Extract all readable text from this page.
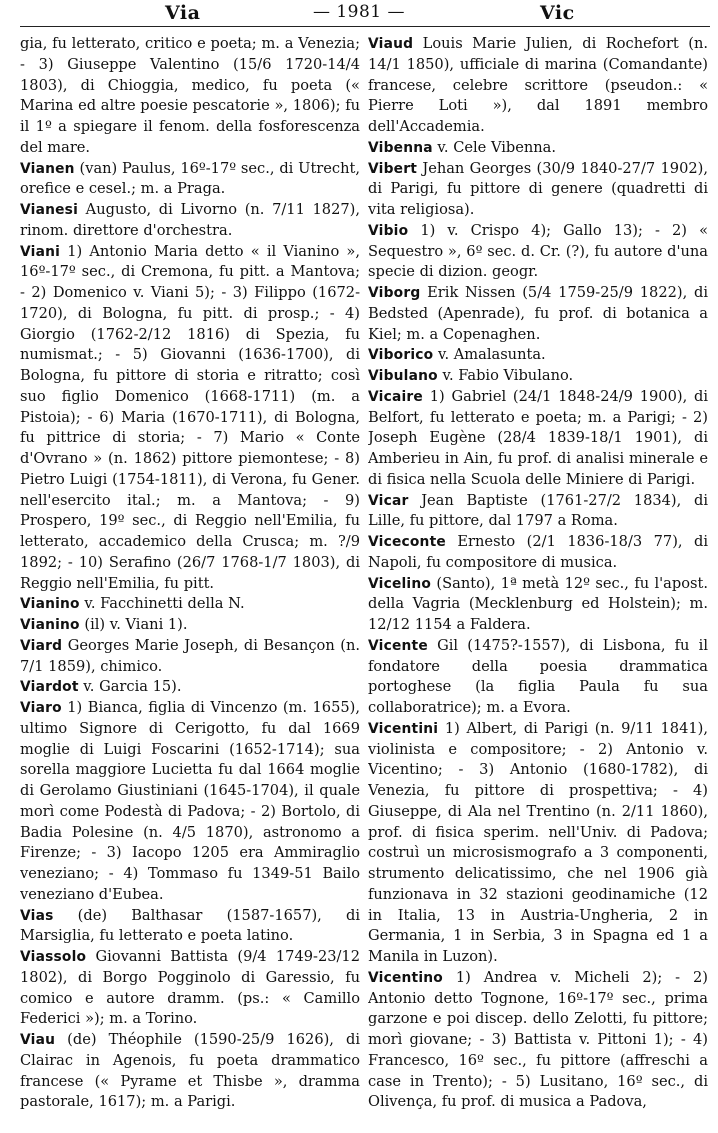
Via	— 1981 —	Vic

gia, fu letterato, critico e poeta; m. a Venezia; - 3) Giuseppe Valentino (15/6 1720-14/4 1803), di Chioggia, medico, fu poeta (« Marina ed altre poesie pescatorie », 1806); fu il 1º a spiegare il fenom. della fosforescenza del mare.

Vianen (van) Paulus, 16º-17º sec., di Utrecht, orefice e cesel.; m. a Praga.

Vianesi Augusto, di Livorno (n. 7/11 1827), rinom. direttore d'orchestra.

Viani 1) Antonio Maria detto « il Vianino », 16º-17º sec., di Cremona, fu pitt. a Mantova; - 2) Domenico v. Viani 5); - 3) Filippo (1672-1720), di Bologna, fu pitt. di prosp.; - 4) Giorgio (1762-2/12 1816) di Spezia, fu numismat.; - 5) Giovanni (1636-1700), di Bologna, fu pittore di storia e ritratto; così suo figlio Domenico (1668-1711) (m. a Pistoia); - 6) Maria (1670-1711), di Bologna, fu pittrice di storia; - 7) Mario « Conte d'Ovrano » (n. 1862) pittore piemontese; - 8) Pietro Luigi (1754-1811), di Verona, fu Gener. nell'esercito ital.; m. a Mantova; - 9) Prospero, 19º sec., di Reggio nell'Emilia, fu letterato, accademico della Crusca; m. ?/9 1892; - 10) Serafino (26/7 1768-1/7 1803), di Reggio nell'Emilia, fu pitt.

Vianino v. Facchinetti della N.

Vianino (il) v. Viani 1).

Viard Georges Marie Joseph, di Besançon (n. 7/1 1859), chimico.

Viardot v. Garcia 15).

Viaro 1) Bianca, figlia di Vincenzo (m. 1655), ultimo Signore di Cerigotto, fu dal 1669 moglie di Luigi Foscarini (1652-1714); sua sorella maggiore Lucietta fu dal 1664 moglie di Gerolamo Giustiniani (1645-1704), il quale morì come Podestà di Padova; - 2) Bortolo, di Badia Polesine (n. 4/5 1870), astronomo a Firenze; - 3) Iacopo 1205 era Ammiraglio veneziano; - 4) Tommaso fu 1349-51 Bailo veneziano d'Eubea.

Vias (de) Balthasar (1587-1657), di Marsiglia, fu letterato e poeta latino.

Viassolo Giovanni Battista (9/4 1749-23/12 1802), di Borgo Pogginolo di Garessio, fu comico e autore dramm. (ps.: « Camillo Federici »); m. a Torino.

Viau (de) Théophile (1590-25/9 1626), di Clairac in Agenois, fu poeta drammatico francese (« Pyrame et Thisbe », dramma pastorale, 1617); m. a Parigi.

Viaud Louis Marie Julien, di Rochefort (n. 14/1 1850), ufficiale di marina (Comandante) francese, celebre scrittore (pseudon.: « Pierre Loti »), dal 1891 membro dell'Accademia.

Vibenna v. Cele Vibenna.

Vibert Jehan Georges (30/9 1840-27/7 1902), di Parigi, fu pittore di genere (quadretti di vita religiosa).

Vibio 1) v. Crispo 4); Gallo 13); - 2) « Sequestro », 6º sec. d. Cr. (?), fu autore d'una specie di dizion. geogr.

Viborg Erik Nissen (5/4 1759-25/9 1822), di Bedsted (Apenrade), fu prof. di botanica a Kiel; m. a Copenaghen.

Viborico v. Amalasunta.

Vibulano v. Fabio Vibulano.

Vicaire 1) Gabriel (24/1 1848-24/9 1900), di Belfort, fu letterato e poeta; m. a Parigi; - 2) Joseph Eugène (28/4 1839-18/1 1901), di Amberieu in Ain, fu prof. di analisi minerale e di fisica nella Scuola delle Miniere di Parigi.

Vicar Jean Baptiste (1761-27/2 1834), di Lille, fu pittore, dal 1797 a Roma.

Viceconte Ernesto (2/1 1836-18/3 77), di Napoli, fu compositore di musica.

Vicelino (Santo), 1ª metà 12º sec., fu l'apost. della Vagria (Mecklenburg ed Holstein); m. 12/12 1154 a Faldera.

Vicente Gil (1475?-1557), di Lisbona, fu il fondatore della poesia drammatica portoghese (la figlia Paula fu sua collaboratrice); m. a Evora.

Vicentini 1) Albert, di Parigi (n. 9/11 1841), violinista e compositore; - 2) Antonio v. Vicentino; - 3) Antonio (1680-1782), di Venezia, fu pittore di prospettiva; - 4) Giuseppe, di Ala nel Trentino (n. 2/11 1860), prof. di fisica sperim. nell'Univ. di Padova; costruì un microsismografo a 3 componenti, strumento delicatissimo, che nel 1906 già funzionava in 32 stazioni geodinamiche (12 in Italia, 13 in Austria-Ungheria, 2 in Germania, 1 in Serbia, 3 in Spagna ed 1 a Manila in Luzon).

Vicentino 1) Andrea v. Micheli 2); - 2) Antonio detto Tognone, 16º-17º sec., prima garzone e poi discep. dello Zelotti, fu pittore; morì giovane; - 3) Battista v. Pittoni 1); - 4) Francesco, 16º sec., fu pittore (affreschi a case in Trento); - 5) Lusitano, 16º sec., di Olivença, fu prof. di musica a Padova,
